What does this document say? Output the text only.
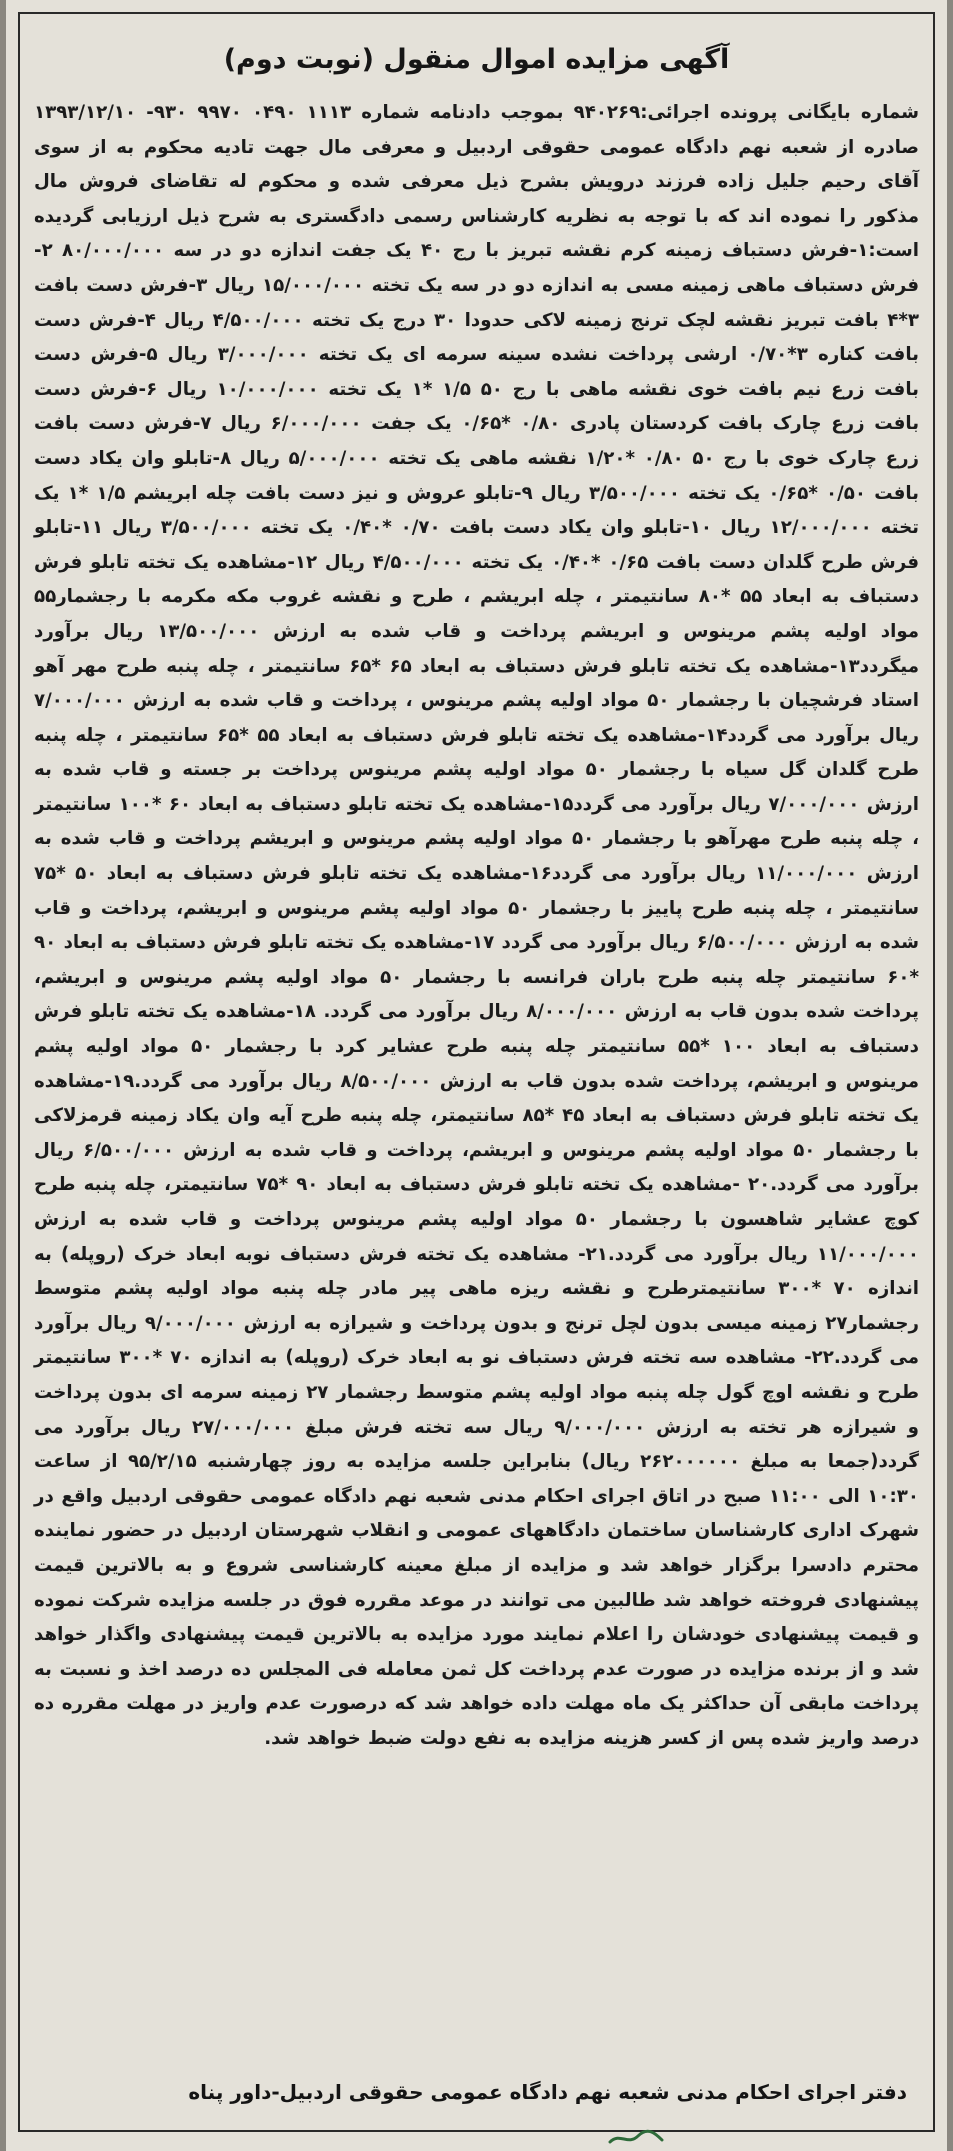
آگهی مزایده اموال منقول (نوبت دوم)
شماره بایگانی پرونده اجرائی:۹۴۰۲۶۹ بموجب دادنامه شماره ۱۱۱۳ ۰۴۹۰ ۹۹۷۰ ۹۳۰- ۱۳۹۳/۱۲/۱۰ صادره از شعبه نهم دادگاه عمومی حقوقی اردبیل و معرفی مال جهت تادیه محکوم به از سوی آقای رحیم جلیل زاده فرزند درویش بشرح ذیل معرفی شده و محکوم له تقاضای فروش مال مذکور را نموده اند که با توجه به نظریه کارشناس رسمی دادگستری به شرح ذیل ارزیابی گردیده است:۱-فرش دستباف زمینه کرم نقشه تبریز با رج ۴۰ یک جفت اندازه دو در سه ۸۰/۰۰۰/۰۰۰ ۲-فرش دستباف ماهی زمینه مسی به اندازه دو در سه یک تخته ۱۵/۰۰۰/۰۰۰ ریال ۳-فرش دست بافت ۳*۴ بافت تبریز نقشه لچک ترنج زمینه لاکی حدودا ۳۰ درج یک تخته ۴/۵۰۰/۰۰۰ ریال ۴-فرش دست بافت کناره ۳*۰/۷۰ ارشی پرداخت نشده سینه سرمه ای یک تخته ۳/۰۰۰/۰۰۰ ریال ۵-فرش دست بافت زرع نیم بافت خوی نقشه ماهی با رج ۵۰ ۱/۵ *۱ یک تخته ۱۰/۰۰۰/۰۰۰ ریال ۶-فرش دست بافت زرع چارک بافت کردستان پادری ۰/۸۰ *۰/۶۵ یک جفت ۶/۰۰۰/۰۰۰ ریال ۷-فرش دست بافت زرع چارک خوی با رج ۵۰ ۰/۸۰ *۱/۲۰ نقشه ماهی یک تخته ۵/۰۰۰/۰۰۰ ریال ۸-تابلو وان یکاد دست بافت ۰/۵۰ *۰/۶۵ یک تخته ۳/۵۰۰/۰۰۰ ریال ۹-تابلو عروش و نیز دست بافت چله ابریشم ۱/۵ *۱ یک تخته ۱۲/۰۰۰/۰۰۰ ریال ۱۰-تابلو وان یکاد دست بافت ۰/۷۰ *۰/۴۰ یک تخته ۳/۵۰۰/۰۰۰ ریال ۱۱-تابلو فرش طرح گلدان دست بافت ۰/۶۵ *۰/۴۰ یک تخته ۴/۵۰۰/۰۰۰ ریال ۱۲-مشاهده یک تخته تابلو فرش دستباف به ابعاد ۵۵ *۸۰ سانتیمتر ، چله ابریشم ، طرح و نقشه غروب مکه مکرمه با رجشمار۵۵ مواد اولیه پشم مرینوس و ابریشم پرداخت و قاب شده به ارزش ۱۳/۵۰۰/۰۰۰ ریال برآورد میگردد۱۳-مشاهده یک تخته تابلو فرش دستباف به ابعاد ۶۵ *۶۵ سانتیمتر ، چله پنبه طرح مهر آهو استاد فرشچیان با رجشمار ۵۰ مواد اولیه پشم مرینوس ، پرداخت و قاب شده به ارزش ۷/۰۰۰/۰۰۰ ریال برآورد می گردد۱۴-مشاهده یک تخته تابلو فرش دستباف به ابعاد ۵۵ *۶۵ سانتیمتر ، چله پنبه طرح گلدان گل سیاه با رجشمار ۵۰ مواد اولیه پشم مرینوس پرداخت بر جسته و قاب شده به ارزش ۷/۰۰۰/۰۰۰ ریال برآورد می گردد۱۵-مشاهده یک تخته تابلو دستباف به ابعاد ۶۰ *۱۰۰ سانتیمتر ، چله پنبه طرح مهرآهو با رجشمار ۵۰ مواد اولیه پشم مرینوس و ابریشم پرداخت و قاب شده به ارزش ۱۱/۰۰۰/۰۰۰ ریال برآورد می گردد۱۶-مشاهده یک تخته تابلو فرش دستباف به ابعاد ۵۰ *۷۵ سانتیمتر ، چله پنبه طرح پاییز با رجشمار ۵۰ مواد اولیه پشم مرینوس و ابریشم، پرداخت و قاب شده به ارزش ۶/۵۰۰/۰۰۰ ریال برآورد می گردد ۱۷-مشاهده یک تخته تابلو فرش دستباف به ابعاد ۹۰ *۶۰ سانتیمتر چله پنبه طرح باران فرانسه با رجشمار ۵۰ مواد اولیه پشم مرینوس و ابریشم، پرداخت شده بدون قاب به ارزش ۸/۰۰۰/۰۰۰ ریال برآورد می گردد. ۱۸-مشاهده یک تخته تابلو فرش دستباف به ابعاد ۱۰۰ *۵۵ سانتیمتر چله پنبه طرح عشایر کرد با رجشمار ۵۰ مواد اولیه پشم مرینوس و ابریشم، پرداخت شده بدون قاب به ارزش ۸/۵۰۰/۰۰۰ ریال برآورد می گردد.۱۹-مشاهده یک تخته تابلو فرش دستباف به ابعاد ۴۵ *۸۵ سانتیمتر، چله پنبه طرح آیه وان یکاد زمینه قرمزلاکی با رجشمار ۵۰ مواد اولیه پشم مرینوس و ابریشم، پرداخت و قاب شده به ارزش ۶/۵۰۰/۰۰۰ ریال برآورد می گردد.۲۰ -مشاهده یک تخته تابلو فرش دستباف به ابعاد ۹۰ *۷۵ سانتیمتر، چله پنبه طرح کوچ عشایر شاهسون با رجشمار ۵۰ مواد اولیه پشم مرینوس پرداخت و قاب شده به ارزش ۱۱/۰۰۰/۰۰۰ ریال برآورد می گردد.۲۱- مشاهده یک تخته فرش دستباف نوبه ابعاد خرک (روپله) به اندازه ۷۰ *۳۰۰ سانتیمترطرح و نقشه ریزه ماهی پیر مادر چله پنبه مواد اولیه پشم متوسط رجشمار۲۷ زمینه میسی بدون لچل ترنج و بدون پرداخت و شیرازه به ارزش ۹/۰۰۰/۰۰۰ ریال برآورد می گردد.۲۲- مشاهده سه تخته فرش دستباف نو به ابعاد خرک (روپله) به اندازه ۷۰ *۳۰۰ سانتیمتر طرح و نقشه اوچ گول چله پنبه مواد اولیه پشم متوسط رجشمار ۲۷ زمینه سرمه ای بدون پرداخت و شیرازه هر تخته به ارزش ۹/۰۰۰/۰۰۰ ریال سه تخته فرش مبلغ ۲۷/۰۰۰/۰۰۰ ریال برآورد می گردد(جمعا به مبلغ ۲۶۲۰۰۰۰۰۰ ریال) بنابراین جلسه مزایده به روز چهارشنبه ۹۵/۲/۱۵ از ساعت ۱۰:۳۰ الی ۱۱:۰۰ صبح در اتاق اجرای احکام مدنی شعبه نهم دادگاه عمومی حقوقی اردبیل واقع در شهرک اداری کارشناسان ساختمان دادگاههای عمومی و انقلاب شهرستان اردبیل در حضور نماینده محترم دادسرا برگزار خواهد شد و مزایده از مبلغ معینه کارشناسی شروع و به بالاترین قیمت پیشنهادی فروخته خواهد شد طالبین می توانند در موعد مقرره فوق در جلسه مزایده شرکت نموده و قیمت پیشنهادی خودشان را اعلام نمایند مورد مزایده به بالاترین قیمت پیشنهادی واگذار خواهد شد و از برنده مزایده در صورت عدم پرداخت کل ثمن معامله فی المجلس ده درصد اخذ و نسبت به پرداخت مابقی آن حداکثر یک ماه مهلت داده خواهد شد که درصورت عدم واریز در مهلت مقرره ده درصد واریز شده پس از کسر هزینه مزایده به نفع دولت ضبط خواهد شد.
دفتر اجرای احکام مدنی شعبه نهم دادگاه عمومی حقوقی اردبیل-داور پناه
